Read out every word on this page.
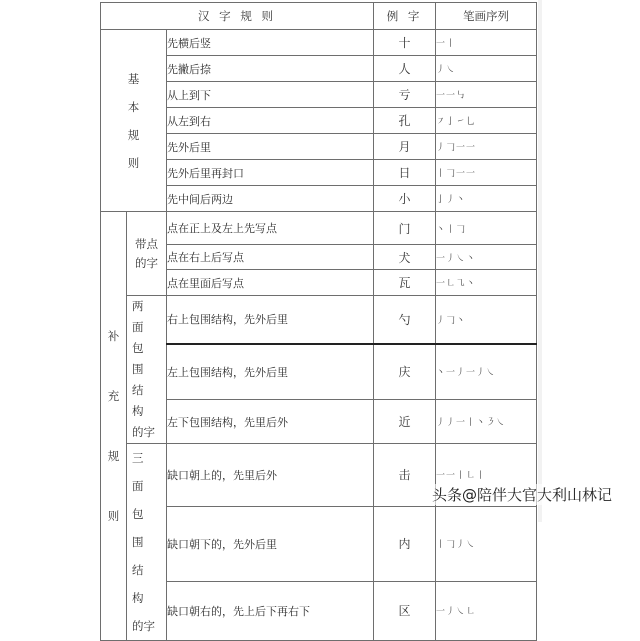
汉 字 规 则			例 字	笔画序列

基
本
规
则		先横后竖	十	一丨
		先撇后捺	人	丿㇏
		从上到下	亏	一一㇉
		从左到右	孔	㇇亅㇀乚
		先外后里	月	丿𠃌一一
		先外后里再封口	日	丨𠃌一一
		先中间后两边	小	亅丿丶

补
充
规
则	带点
的字	点在正上及左上先写点	门	丶丨𠃌
		点在右上后写点	犬	一丿㇏丶
		点在里面后写点	瓦	一㇗㇈丶

	两 面
包 围
结 构
的字	右上包围结构，先外后里	勺	丿𠃌丶
		左上包围结构，先外后里	庆	丶一丿一丿㇏
		左下包围结构，先里后外	近	丿丿一丨丶㇋㇏

	三 面
包 围
结 构
的字	缺口朝上的，先里后外	击	一一丨㇗丨
		缺口朝下的，先外后里	内	丨𠃌丿㇏
		缺口朝右的，先上后下再右下	区	一丿㇏㇗
头条@陪伴大官大利山林记
